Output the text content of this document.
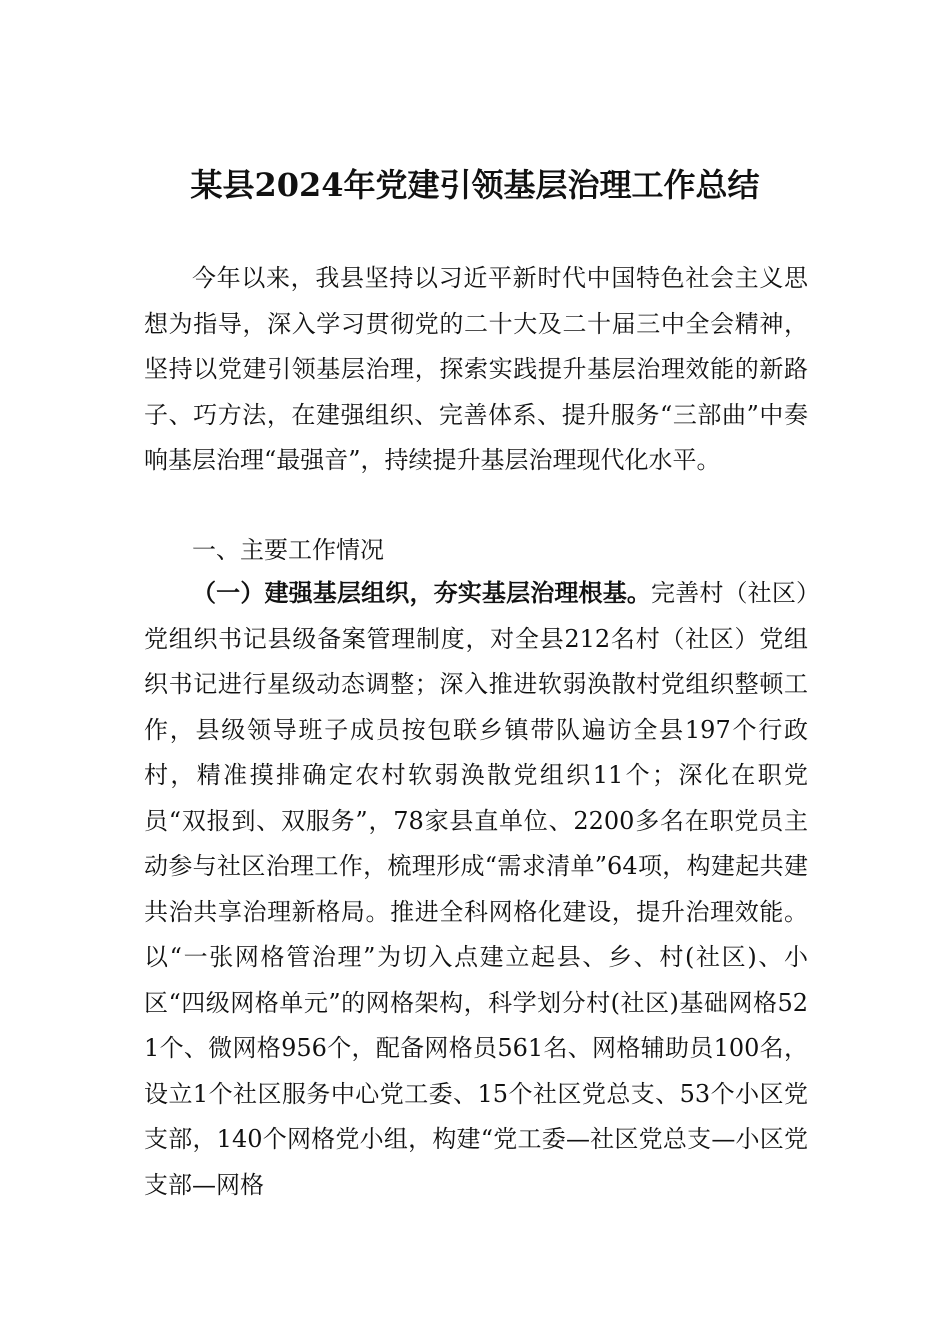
某县2024年党建引领基层治理工作总结

今年以来，我县坚持以习近平新时代中国特色社会主义思想为指导，深入学习贯彻党的二十大及二十届三中全会精神，坚持以党建引领基层治理，探索实践提升基层治理效能的新路子、巧方法，在建强组织、完善体系、提升服务“三部曲”中奏响基层治理“最强音”，持续提升基层治理现代化水平。

一、主要工作情况

（一）建强基层组织，夯实基层治理根基。完善村（社区）党组织书记县级备案管理制度，对全县212名村（社区）党组织书记进行星级动态调整；深入推进软弱涣散村党组织整顿工作，县级领导班子成员按包联乡镇带队遍访全县197个行政村，精准摸排确定农村软弱涣散党组织11个；深化在职党员“双报到、双服务”，78家县直单位、2200多名在职党员主动参与社区治理工作，梳理形成“需求清单”64项，构建起共建共治共享治理新格局。推进全科网格化建设，提升治理效能。以“一张网格管治理”为切入点建立起县、乡、村(社区)、小区“四级网格单元”的网格架构，科学划分村(社区)基础网格521个、微网格956个，配备网格员561名、网格辅助员100名，设立1个社区服务中心党工委、15个社区党总支、53个小区党支部，140个网格党小组，构建“党工委—社区党总支—小区党支部—网格
